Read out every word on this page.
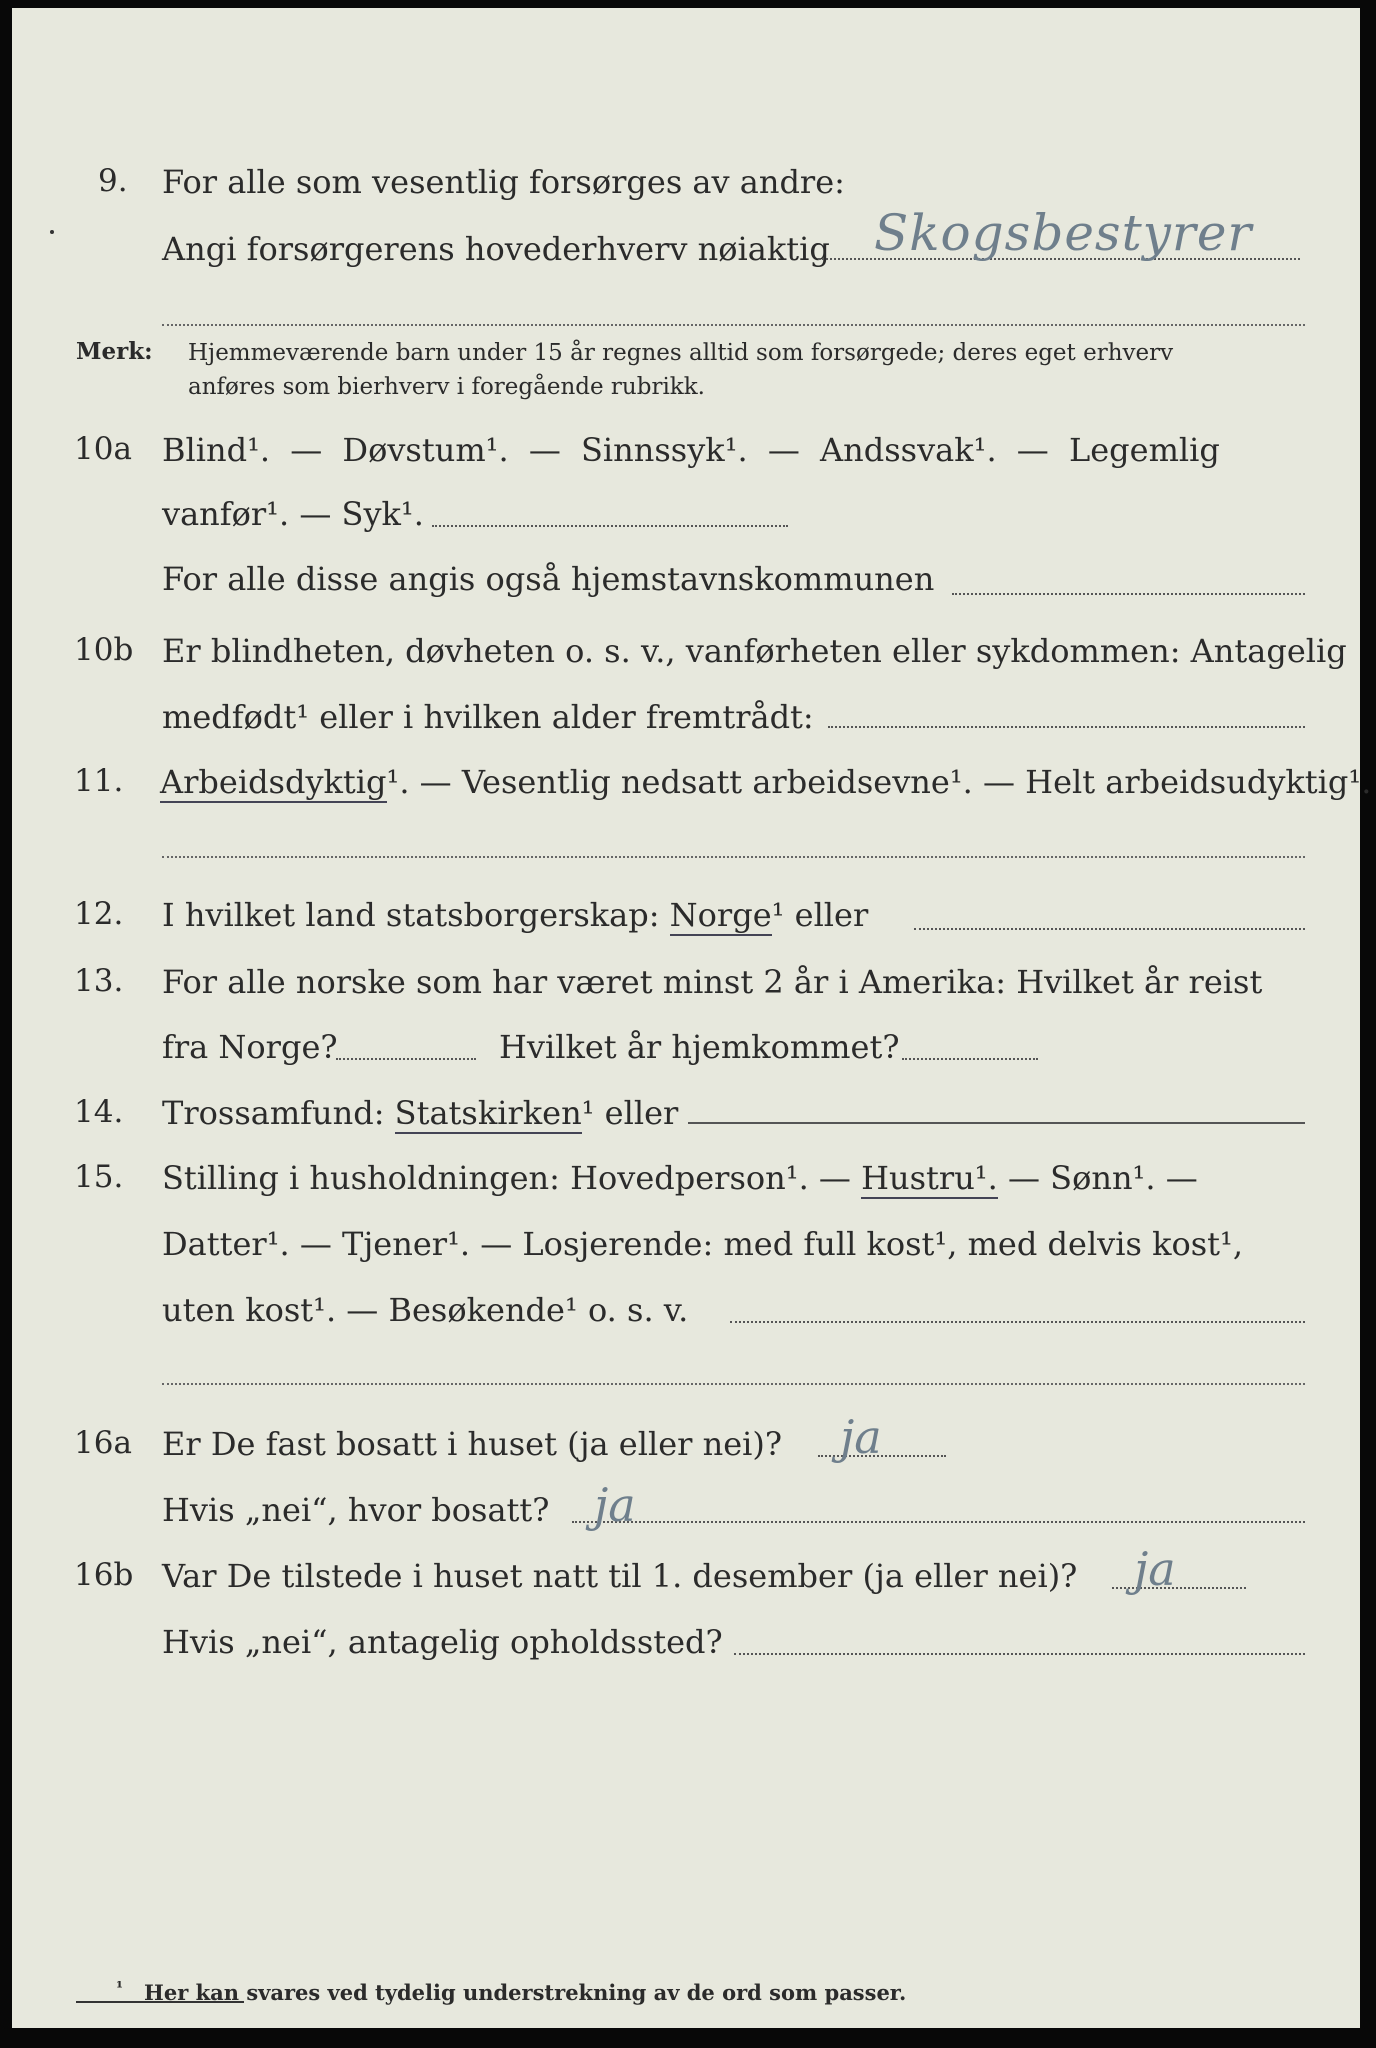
9. For alle som vesentlig forsørges av andre:
Angi forsørgerens hovederhverv nøiaktig Skogsbestyrer
Merk: Hjemmeværende barn under 15 år regnes alltid som forsørgede; deres eget erhverv
anføres som bierhverv i foregående rubrikk.
10a Blind¹. — Døvstum¹. — Sinnssyk¹. — Andssvak¹. — Legemlig
vanfør¹. — Syk¹.
For alle disse angis også hjemstavnskommunen
10b Er blindheten, døvheten o. s. v., vanførheten eller sykdommen: Antagelig
medfødt¹ eller i hvilken alder fremtrådt:
11. Arbeidsdyktig¹. — Vesentlig nedsatt arbeidsevne¹. — Helt arbeidsudyktig¹.
12. I hvilket land statsborgerskap: Norge¹ eller
13. For alle norske som har været minst 2 år i Amerika: Hvilket år reist
fra Norge?	Hvilket år hjemkommet?
14. Trossamfund: Statskirken¹ eller
15. Stilling i husholdningen: Hovedperson¹. — Hustru¹. — Sønn¹. —
Datter¹. — Tjener¹. — Losjerende: med full kost¹, med delvis kost¹,
uten kost¹. — Besøkende¹ o. s. v.
16a Er De fast bosatt i huset (ja eller nei)? ja
Hvis „nei“, hvor bosatt? ja
16b Var De tilstede i huset natt til 1. desember (ja eller nei)? ja
Hvis „nei“, antagelig opholdssted?
¹ Her kan svares ved tydelig understrekning av de ord som passer.
